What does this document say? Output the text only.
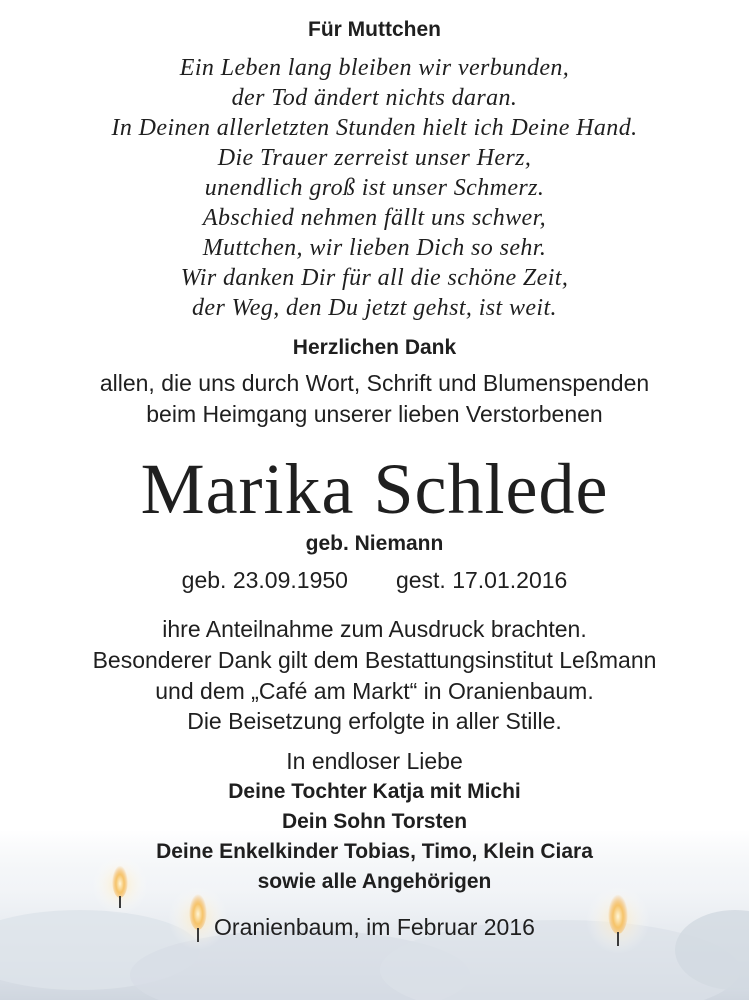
Für Muttchen
Ein Leben lang bleiben wir verbunden,
der Tod ändert nichts daran.
In Deinen allerletzten Stunden hielt ich Deine Hand.
Die Trauer zerreist unser Herz,
unendlich groß ist unser Schmerz.
Abschied nehmen fällt uns schwer,
Muttchen, wir lieben Dich so sehr.
Wir danken Dir für all die schöne Zeit,
der Weg, den Du jetzt gehst, ist weit.
Herzlichen Dank
allen, die uns durch Wort, Schrift und Blumenspenden
beim Heimgang unserer lieben Verstorbenen
Marika Schlede
geb. Niemann
geb. 23.09.1950 gest. 17.01.2016
ihre Anteilnahme zum Ausdruck brachten.
Besonderer Dank gilt dem Bestattungsinstitut Leßmann
und dem „Café am Markt“ in Oranienbaum.
Die Beisetzung erfolgte in aller Stille.
In endloser Liebe
Deine Tochter Katja mit Michi
Dein Sohn Torsten
Deine Enkelkinder Tobias, Timo, Klein Ciara
sowie alle Angehörigen
Oranienbaum, im Februar 2016
